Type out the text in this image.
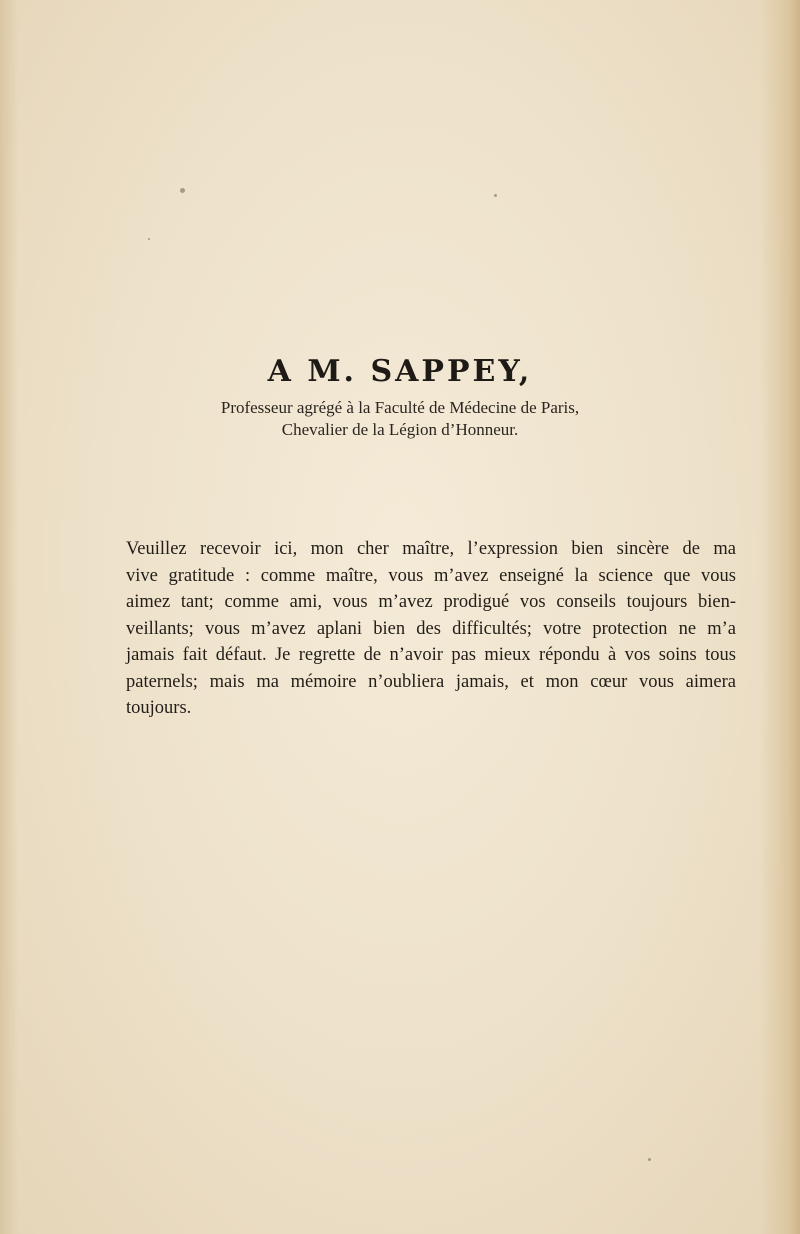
A M. SAPPEY,
Professeur agrégé à la Faculté de Médecine de Paris,
Chevalier de la Légion d’Honneur.
Veuillez recevoir ici, mon cher maître, l’expression bien sincère de ma
vive gratitude : comme maître, vous m’avez enseigné la science que vous
aimez tant; comme ami, vous m’avez prodigué vos conseils toujours bien-
veillants; vous m’avez aplani bien des difficultés; votre protection ne m’a
jamais fait défaut. Je regrette de n’avoir pas mieux répondu à vos soins tous
paternels; mais ma mémoire n’oubliera jamais, et mon cœur vous aimera
toujours.
